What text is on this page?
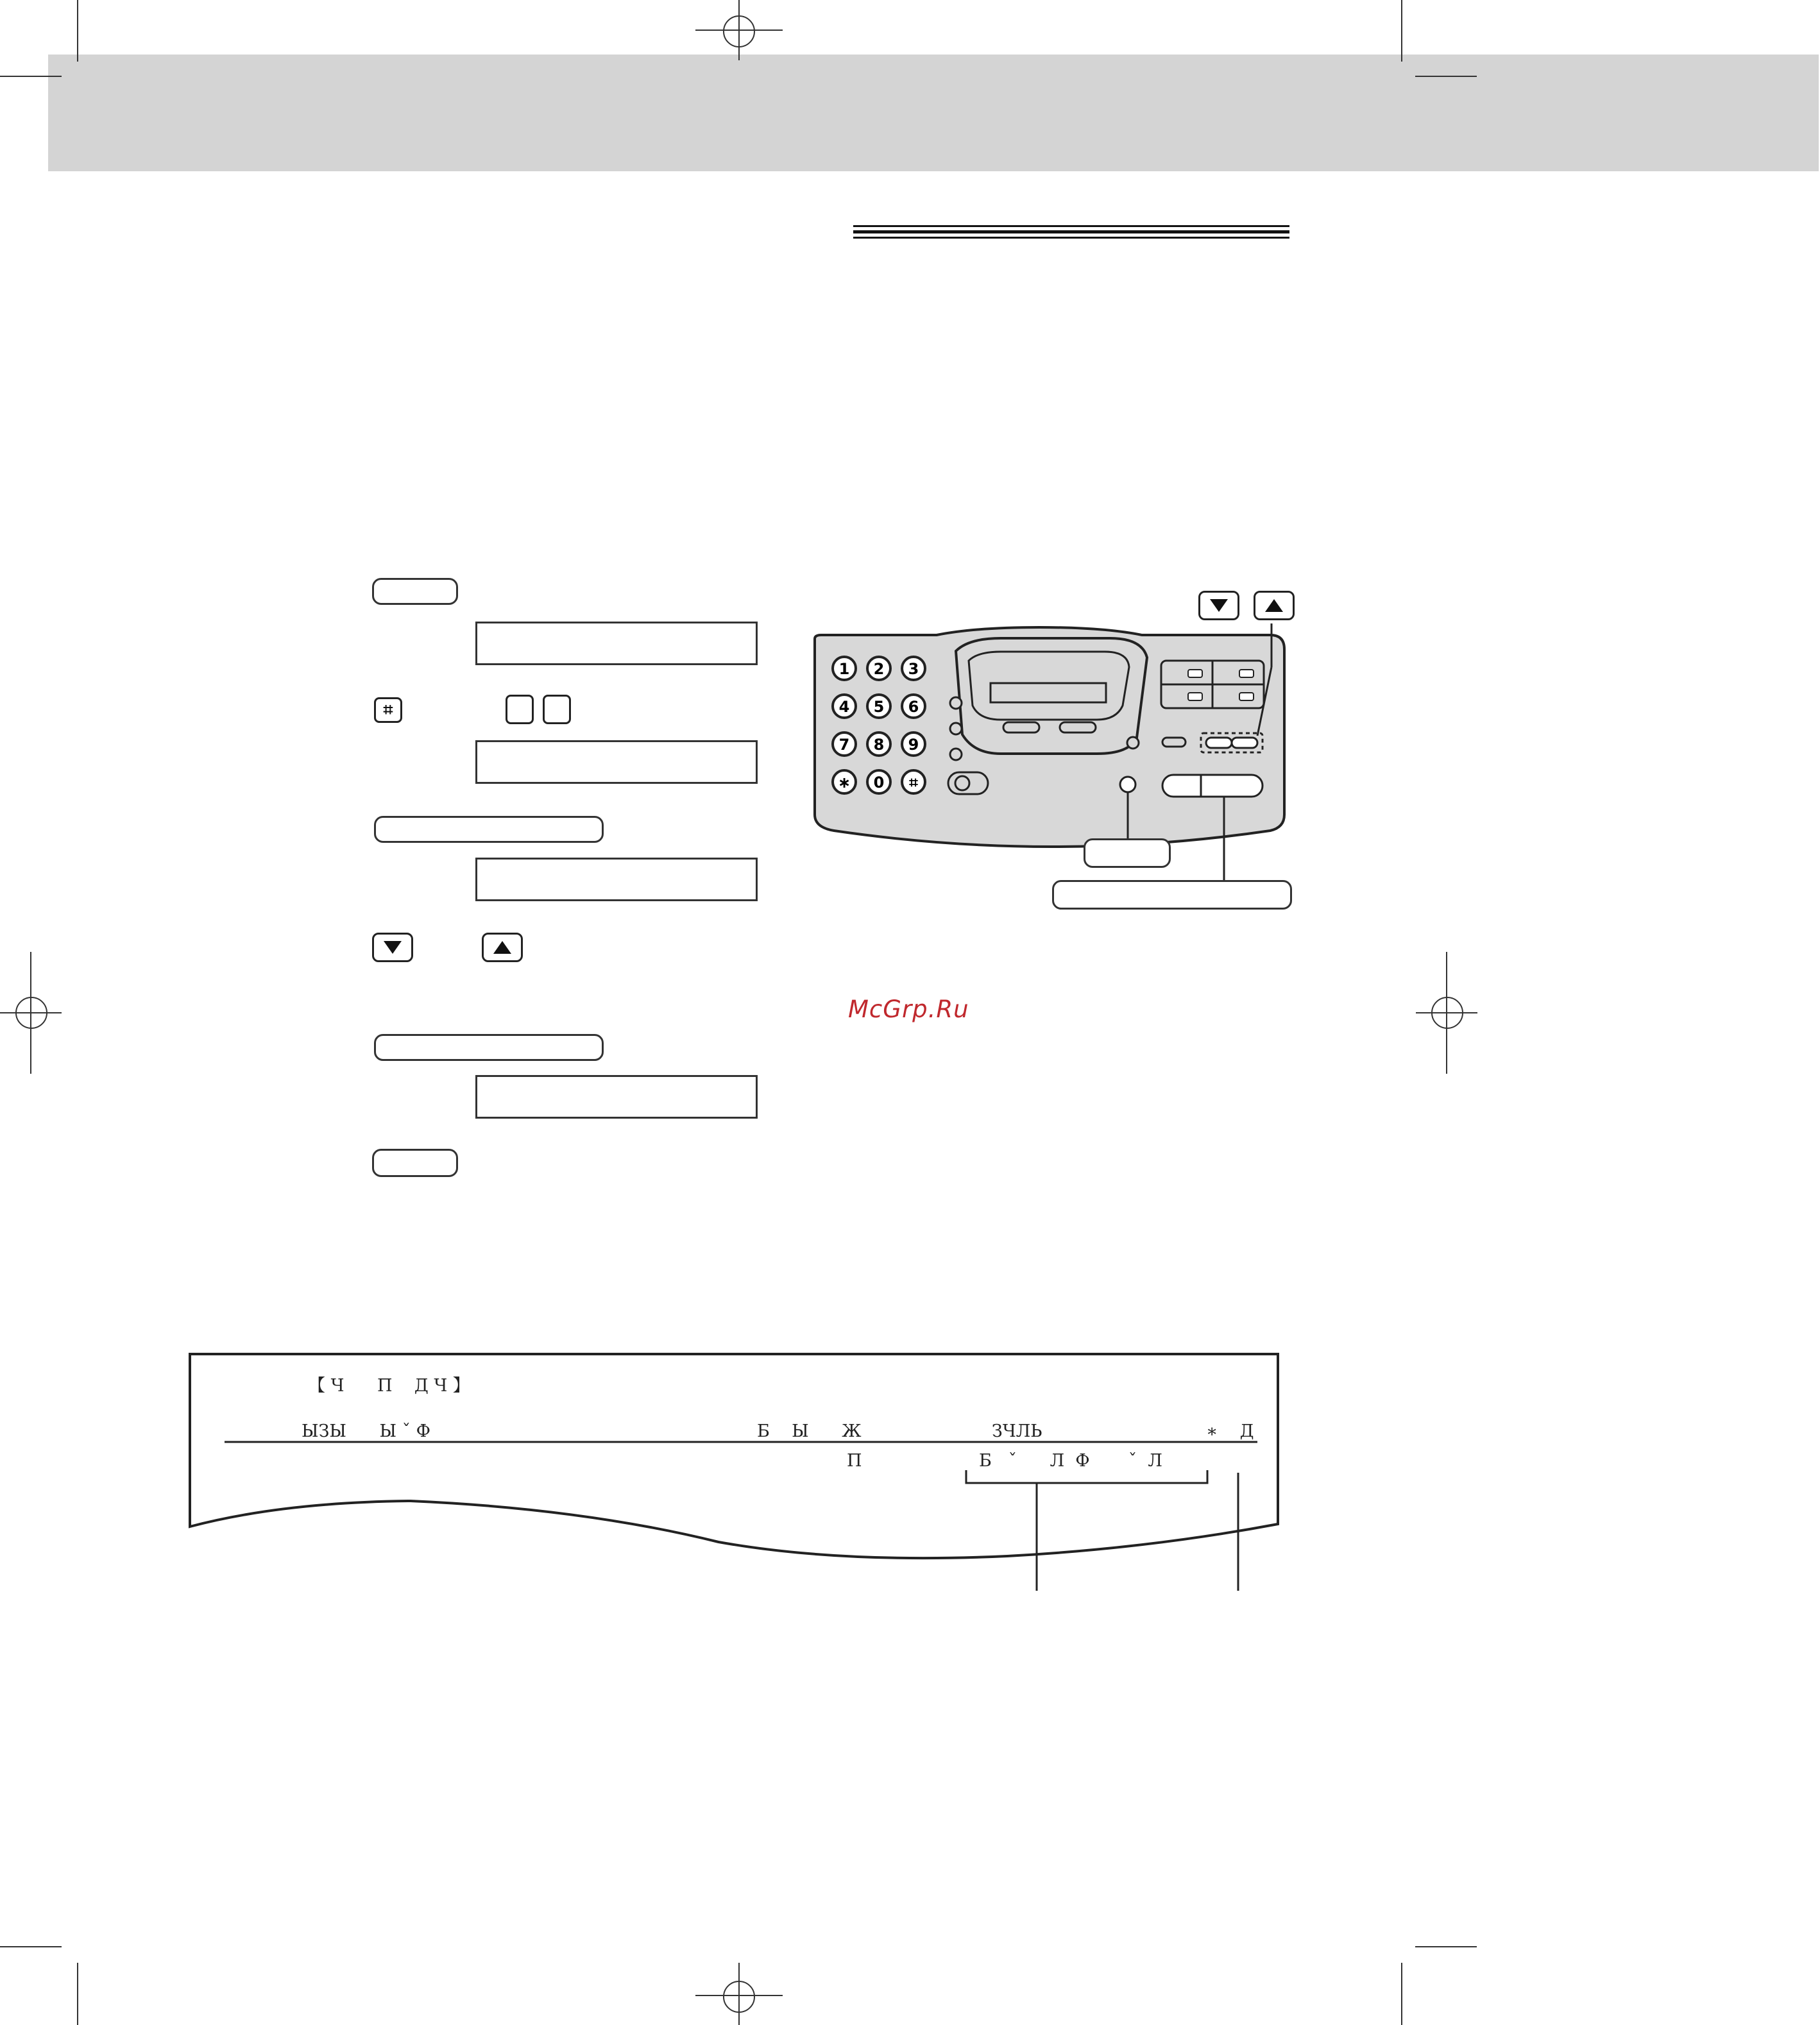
⌗
1 2 3
4 5 6
7 8 9
∗ 0 ⌗
McGrp.Ru
【 Ч      П    Д Ч 】
ЫЗЫ      Ы ˇ Ф	Б    Ы      Ж	ЗЧЛЬ	∗    Д
П	Б   ˇ      Л  Ф       ˇ  Л
